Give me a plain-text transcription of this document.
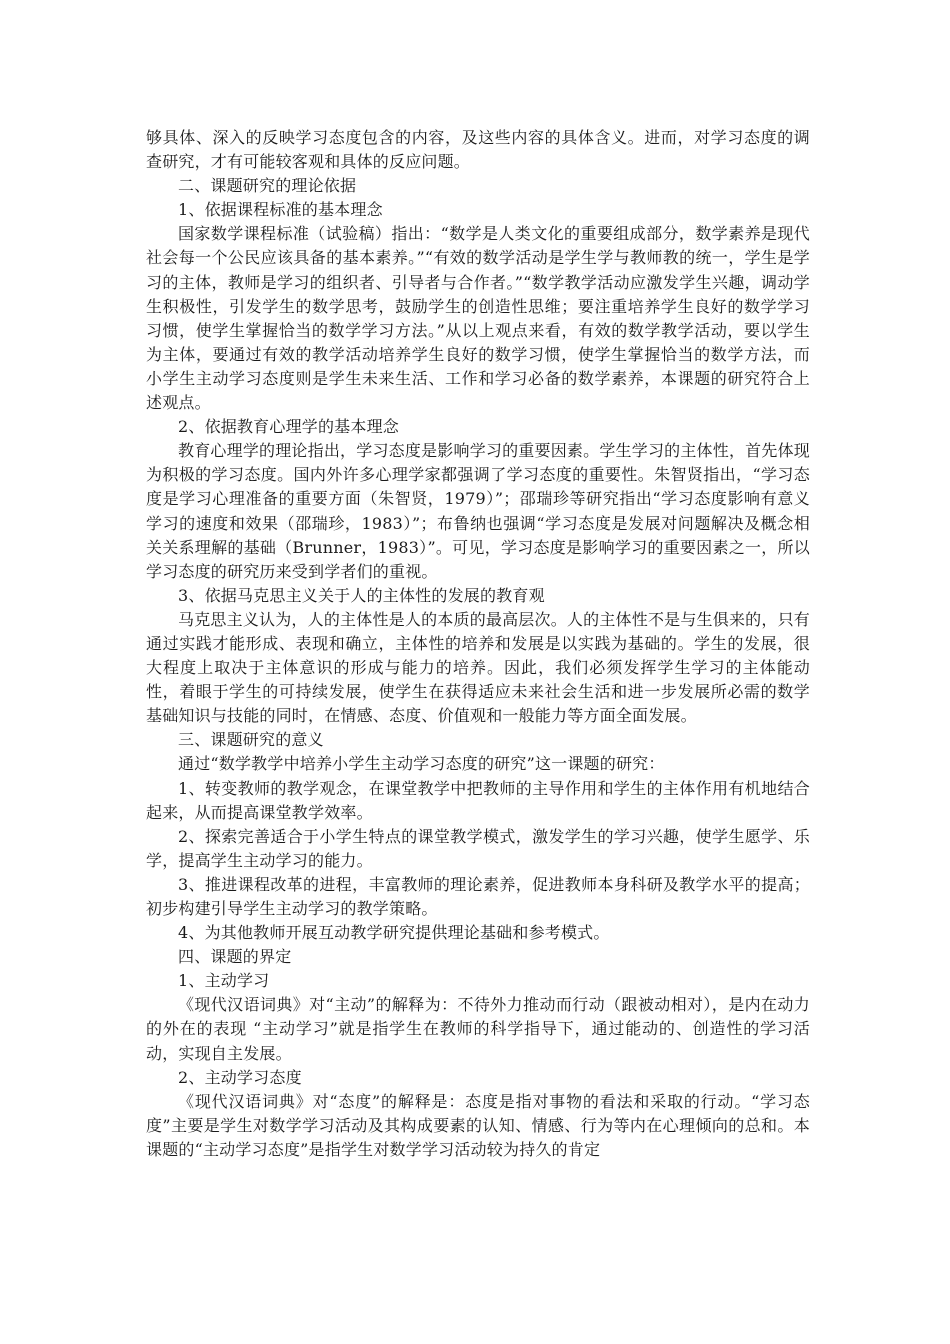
够具体、深入的反映学习态度包含的内容，及这些内容的具体含义。进而，对学习态度的调查研究，才有可能较客观和具体的反应问题。

二、课题研究的理论依据

1、依据课程标准的基本理念

国家数学课程标准（试验稿）指出：“数学是人类文化的重要组成部分，数学素养是现代社会每一个公民应该具备的基本素养。”“有效的数学活动是学生学与教师教的统一，学生是学习的主体，教师是学习的组织者、引导者与合作者。”“数学教学活动应激发学生兴趣，调动学生积极性，引发学生的数学思考，鼓励学生的创造性思维；要注重培养学生良好的数学学习习惯，使学生掌握恰当的数学学习方法。”从以上观点来看，有效的数学教学活动，要以学生为主体，要通过有效的教学活动培养学生良好的数学习惯，使学生掌握恰当的数学方法，而小学生主动学习态度则是学生未来生活、工作和学习必备的数学素养，本课题的研究符合上述观点。

2、依据教育心理学的基本理念

教育心理学的理论指出，学习态度是影响学习的重要因素。学生学习的主体性，首先体现为积极的学习态度。国内外许多心理学家都强调了学习态度的重要性。朱智贤指出，“学习态度是学习心理准备的重要方面（朱智贤，1979）”；邵瑞珍等研究指出“学习态度影响有意义学习的速度和效果（邵瑞珍，1983）”；布鲁纳也强调“学习态度是发展对问题解决及概念相关关系理解的基础（Brunner，1983）”。可见，学习态度是影响学习的重要因素之一，所以学习态度的研究历来受到学者们的重视。

3、依据马克思主义关于人的主体性的发展的教育观

马克思主义认为，人的主体性是人的本质的最高层次。人的主体性不是与生俱来的，只有通过实践才能形成、表现和确立，主体性的培养和发展是以实践为基础的。学生的发展，很大程度上取决于主体意识的形成与能力的培养。因此，我们必须发挥学生学习的主体能动性，着眼于学生的可持续发展，使学生在获得适应未来社会生活和进一步发展所必需的数学基础知识与技能的同时，在情感、态度、价值观和一般能力等方面全面发展。

三、课题研究的意义

通过“数学教学中培养小学生主动学习态度的研究”这一课题的研究：

1、转变教师的教学观念，在课堂教学中把教师的主导作用和学生的主体作用有机地结合起来，从而提高课堂教学效率。

2、探索完善适合于小学生特点的课堂教学模式，激发学生的学习兴趣，使学生愿学、乐学，提高学生主动学习的能力。

3、推进课程改革的进程，丰富教师的理论素养，促进教师本身科研及教学水平的提高；初步构建引导学生主动学习的教学策略。

4、为其他教师开展互动教学研究提供理论基础和参考模式。

四、课题的界定

1、主动学习

《现代汉语词典》对“主动”的解释为：不待外力推动而行动（跟被动相对），是内在动力的外在的表现 “主动学习”就是指学生在教师的科学指导下，通过能动的、创造性的学习活动，实现自主发展。

2、主动学习态度

《现代汉语词典》对“态度”的解释是：态度是指对事物的看法和采取的行动。“学习态度”主要是学生对数学学习活动及其构成要素的认知、情感、行为等内在心理倾向的总和。本课题的“主动学习态度”是指学生对数学学习活动较为持久的肯定
